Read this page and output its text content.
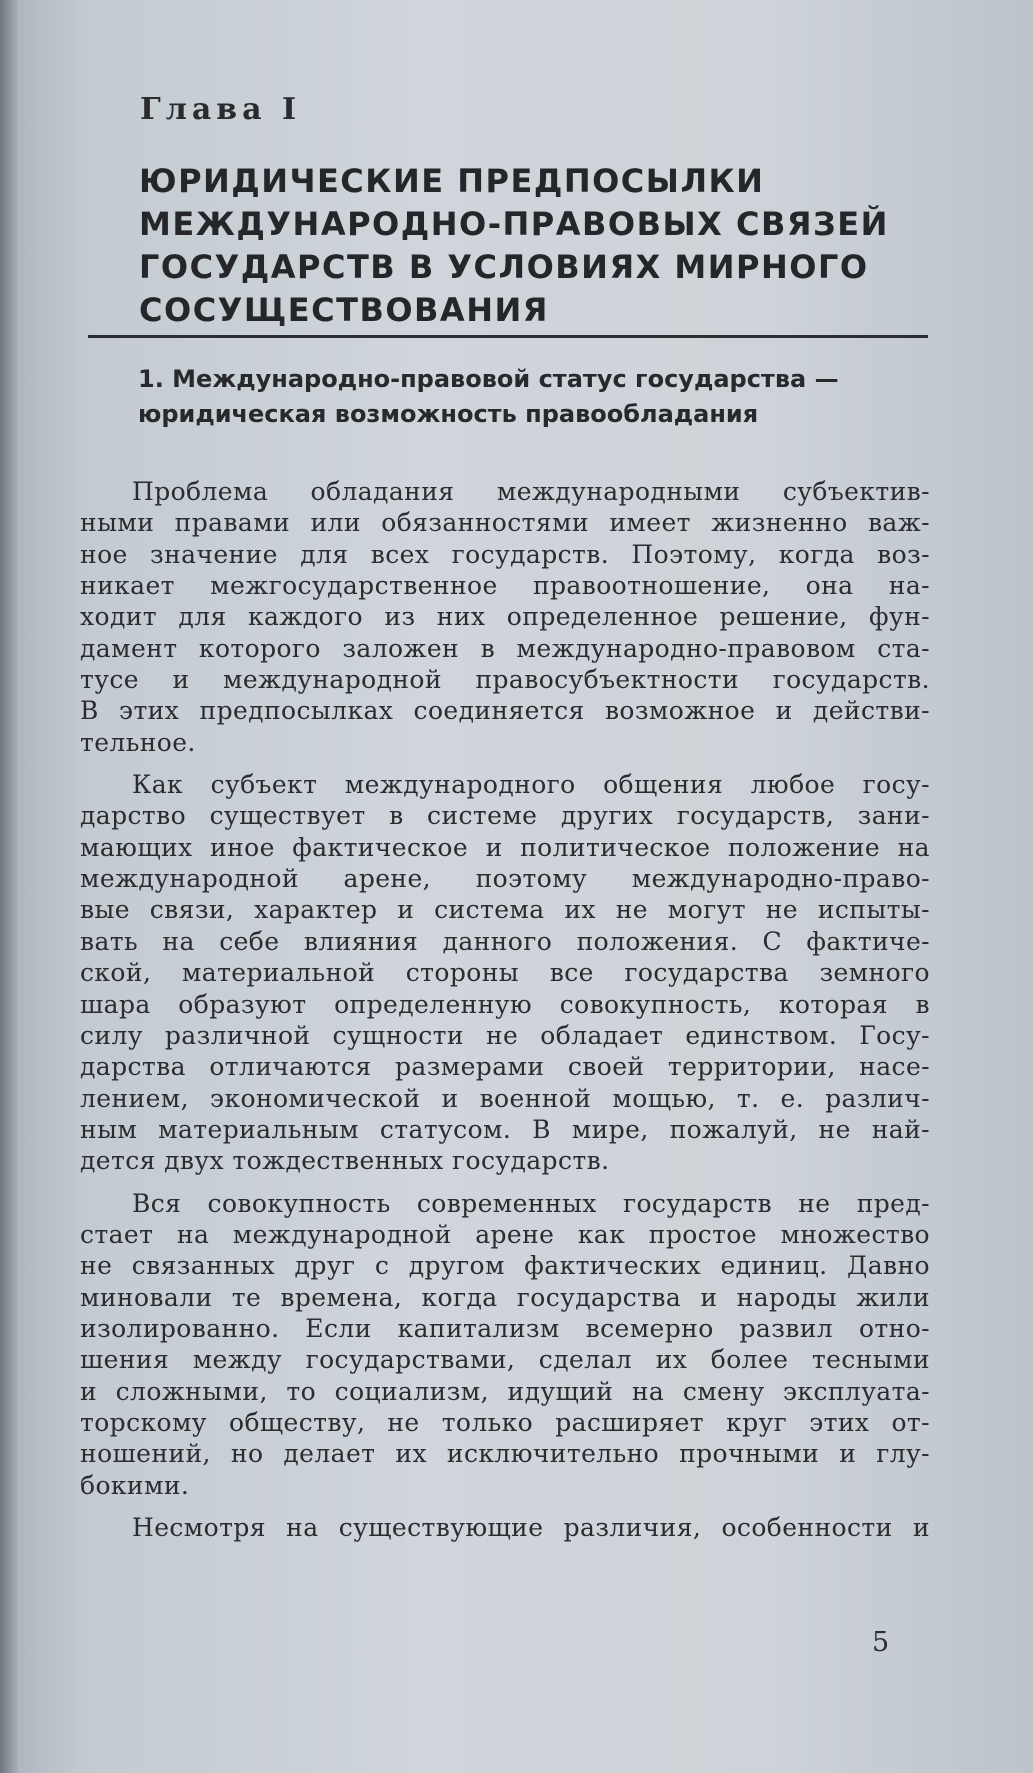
Глава I
ЮРИДИЧЕСКИЕ ПРЕДПОСЫЛКИ
МЕЖДУНАРОДНО-ПРАВОВЫХ СВЯЗЕЙ
ГОСУДАРСТВ В УСЛОВИЯХ МИРНОГО
СОСУЩЕСТВОВАНИЯ
1. Международно-правовой статус государства —
юридическая возможность правообладания

Проблема обладания международными субъектив-
ными правами или обязанностями имеет жизненно важ-
ное значение для всех государств. Поэтому, когда воз-
никает межгосударственное правоотношение, она на-
ходит для каждого из них определенное решение, фун-
дамент которого заложен в международно-правовом ста-
тусе и международной правосубъектности государств.
В этих предпосылках соединяется возможное и действи-
тельное.

Как субъект международного общения любое госу-
дарство существует в системе других государств, зани-
мающих иное фактическое и политическое положение на
международной арене, поэтому международно-право-
вые связи, характер и система их не могут не испыты-
вать на себе влияния данного положения. С фактиче-
ской, материальной стороны все государства земного
шара образуют определенную совокупность, которая в
силу различной сущности не обладает единством. Госу-
дарства отличаются размерами своей территории, насе-
лением, экономической и военной мощью, т. е. различ-
ным материальным статусом. В мире, пожалуй, не най-
дется двух тождественных государств.

Вся совокупность современных государств не пред-
стает на международной арене как простое множество
не связанных друг с другом фактических единиц. Давно
миновали те времена, когда государства и народы жили
изолированно. Если капитализм всемерно развил отно-
шения между государствами, сделал их более тесными
и сложными, то социализм, идущий на смену эксплуата-
торскому обществу, не только расширяет круг этих от-
ношений, но делает их исключительно прочными и глу-
бокими.

Несмотря на существующие различия, особенности и

5
